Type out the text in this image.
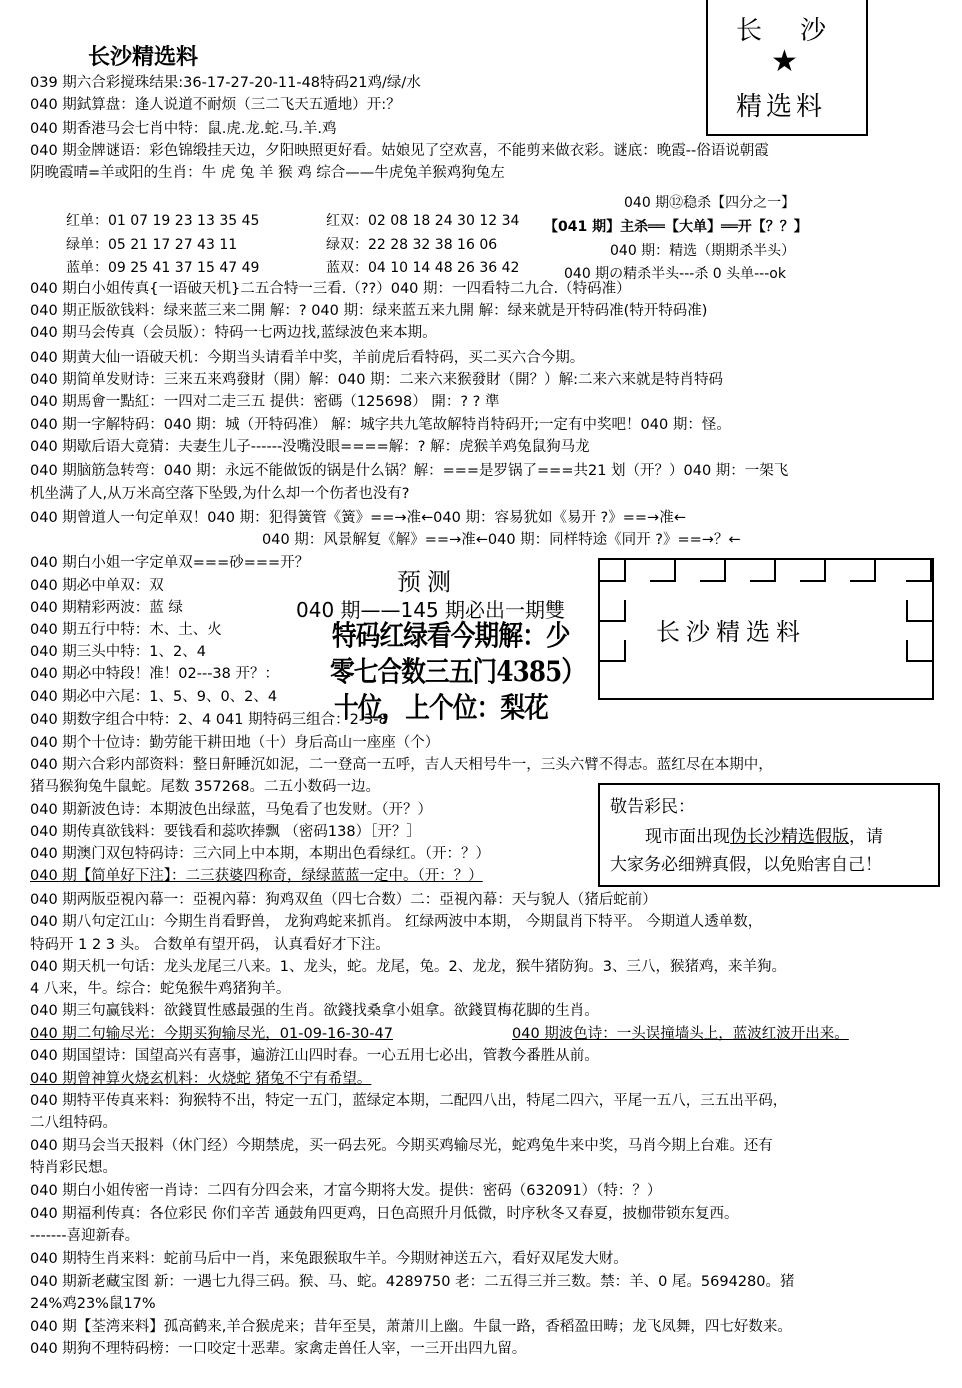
长沙精选料
长沙
★
精选料
039 期六合彩搅珠结果:36-17-27-20-11-48特码21鸡/绿/水
040 期鉽算盘：逢人说道不耐烦（三二飞天五遁地）开:？
040 期香港马会七肖中特：鼠.虎.龙.蛇.马.羊.鸡
040 期金牌谜语：彩色锦缎挂天边，夕阳映照更好看。姑娘见了空欢喜，不能剪来做衣彩。谜底：晚霞--俗语说朝霞
阴晚霞晴=羊或阳的生肖：牛 虎 兔 羊 猴 鸡 综合——牛虎兔羊猴鸡狗兔左
红单：01 07 19 23 13 35 45	红双：02 08 18 24 30 12 34
绿单：05 21 17 27 43 11	绿双：22 28 32 38 16 06
蓝单：09 25 41 37 15 47 49	蓝双：04 10 14 48 26 36 42
040 期⑫稳杀【四分之一】
【041 期】主杀══【大单】══开【？？】
040 期：精选（期期杀半头）
040 期の精杀半头---杀 0 头单---ok
040 期白小姐传真{一语破天机}二五合特一三看.（??）040 期：一四看特二九合.（特码准）
040 期正版欲钱料：绿来蓝三来二開 解：? 040 期：绿来蓝五来九開 解：绿来就是开特码准(特开特码准)
040 期马会传真（会员版）：特码一七两边找,蓝绿波色来本期。
040 期黄大仙一语破天机：今期当头请看羊中奖，羊前虎后看特码，买二买六合今期。
040 期简单发财诗：三来五来鸡發財（開）解：040 期：二来六来猴發財（開？）解:二来六来就是特肖特码
040 期馬會一點紅：一四对二走三五 提供：密碼（125698） 開：? ? 準
040 期一字解特码：040 期：城（开特码准） 解：城字共九笔故解特肖特码开;一定有中奖吧！040 期：怪。
040 期歇后语大竟猜：夫妻生儿子------没嘴没眼====解：? 解：虎猴羊鸡兔鼠狗马龙
040 期脑筋急转弯：040 期：永远不能做饭的锅是什么锅？解：===是罗锅了===共21 划（开？）040 期：一架飞
机坐满了人,从万米高空落下坠毁,为什么却一个伤者也没有?
040 期曾道人一句定单双！040 期：犯得簧管《簧》==→准←040 期：容易犹如《易开 ?》==→准←
040 期：风景解复《解》==→准←040 期：同样特途《同开 ?》==→？←
040 期白小姐一字定单双===砂===开？
040 期必中单双：双
040 期精彩两波：蓝 绿
040 期五行中特：木、土、火
040 期三头中特：1、2、4
040 期必中特段！准！02---38 开？：
040 期必中六尾：1、5、9、0、2、4
040 期数字组合中特：2、4 041 期特码三组合：2-3-8
预测
040 期——145 期必出一期雙
特码红绿看今期解：少
零七合数三五门4385）
十位，上个位：梨花
长沙精选料
敬告彩民：
现市面出现伪长沙精选假版，请
大家务必细辨真假，以免贻害自己！
040 期个十位诗：勤劳能干耕田地（十）身后高山一座座（个）
040 期六合彩内部资料：整日鼾睡沉如泥，二一登高一五呼，吉人天相号牛一，三头六臂不得志。蓝红尽在本期中，
猪马猴狗兔牛鼠蛇。尾数 357268。二五小数码一边。
040 期新波色诗：本期波色出绿蓝，马兔看了也发财。（开？）
040 期传真欲钱料：要钱看和蕊吹捧飘 （密码138）［开？］
040 期澳门双包特码诗：三六同上中本期，本期出色看绿红。（开：？）
040 期【简单好下注】：二三获婆四称奇，绿绿蓝蓝一定中。（开：？）
040 期两版亞視內幕一：亞視內幕：狗鸡双鱼（四七合数）二：亞視內幕：天与貌人（猪后蛇前）
040 期八句定江山：今期生肖看野兽， 龙狗鸡蛇来抓肖。 红绿两波中本期， 今期鼠肖下特平。 今期道人透单数，
特码开 1 2 3 头。 合数单有望开码， 认真看好才下注。
040 期天机一句话：龙头龙尾三八来。1、龙头，蛇。龙尾，兔。2、龙龙，猴牛猪防狗。3、三八，猴猪鸡，来羊狗。
4 八来，牛。综合：蛇兔猴牛鸡猪狗羊。
040 期三句赢钱料：欲錢買性感最强的生肖。欲錢找桑拿小姐拿。欲錢買梅花脚的生肖。
040 期二句输尽光：今期买狗输尽光，01-09-16-30-47	040 期波色诗：一头误撞墙头上，蓝波红波开出来。
040 期国望诗：国望高兴有喜事，遍游江山四时春。一心五用七必出，管教今番胜从前。
040 期曾神算火烧玄机料：火烧蛇 猪兔不宁有希望。
040 期特平传真来料：狗猴特不出，特定一五门，蓝绿定本期，二配四八出，特尾二四六，平尾一五八，三五出平码，
二八组特码。
040 期马会当天报料（休门经）今期禁虎，买一码去死。今期买鸡输尽光，蛇鸡兔牛来中奖，马肖今期上台难。还有
特肖彩民想。
040 期白小姐传密一肖诗：二四有分四会来，才富今期将大发。提供：密码（632091）（特：？）
040 期福利传真：各位彩民 你们辛苦 通鼓角四更鸡，日色高照升月低微，时序秋冬又春夏，披枷带锁东复西。
-------喜迎新春。
040 期特生肖来料：蛇前马后中一肖，来兔跟猴取牛羊。今期财神送五六，看好双尾发大财。
040 期新老藏宝图 新：一遇七九得三码。猴、马、蛇。4289750 老：二五得三并三数。禁：羊、0 尾。5694280。猪
24%鸡23%鼠17%
040 期【荃湾来料】孤高鹤来,羊合猴虎来；昔年至昊，萧萧川上幽。牛鼠一路，香稻盈田畴；龙飞凤舞，四七好数来。
040 期狗不理特码榜：一口咬定十恶辈。家禽走兽任人宰，一三开出四九留。
